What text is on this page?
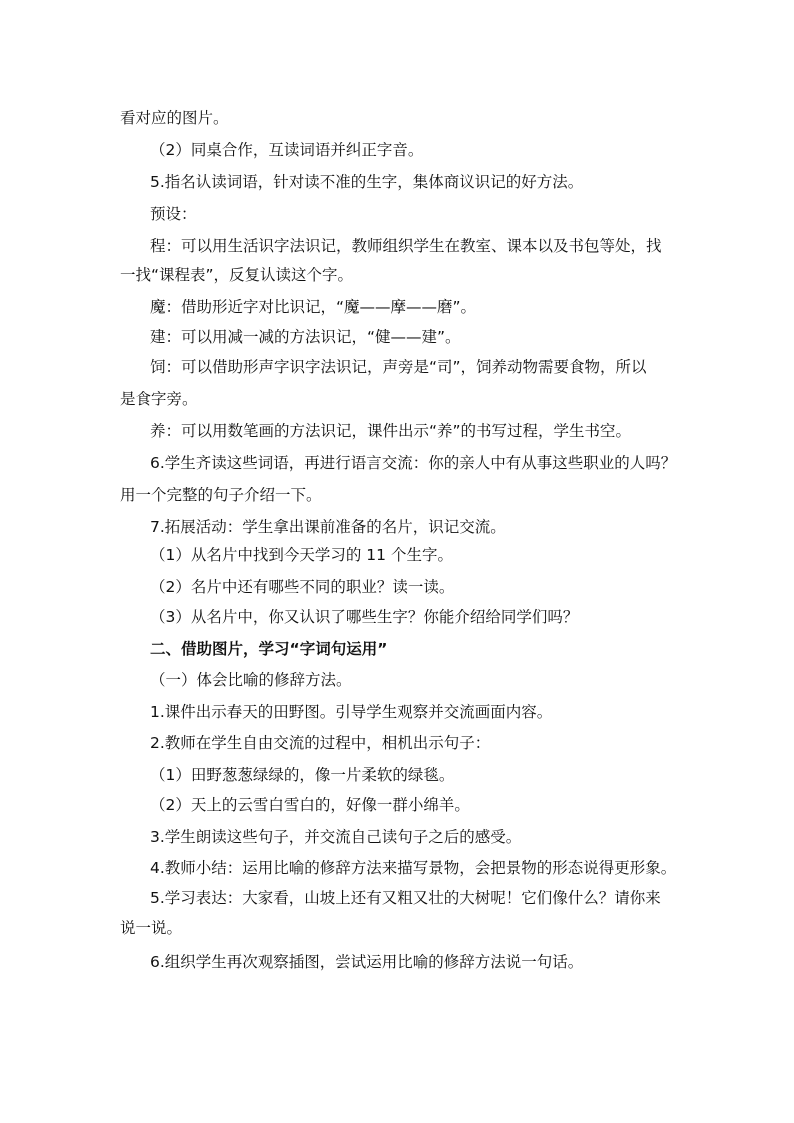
看对应的图片。
（2）同桌合作，互读词语并纠正字音。
5.指名认读词语，针对读不准的生字，集体商议识记的好方法。
预设：
程：可以用生活识字法识记，教师组织学生在教室、课本以及书包等处，找
一找“课程表”，反复认读这个字。
魔：借助形近字对比识记，“魔——摩——磨”。
建：可以用减一减的方法识记，“健——建”。
饲：可以借助形声字识字法识记，声旁是“司”，饲养动物需要食物，所以
是食字旁。
养：可以用数笔画的方法识记，课件出示“养”的书写过程，学生书空。
6.学生齐读这些词语，再进行语言交流：你的亲人中有从事这些职业的人吗？
用一个完整的句子介绍一下。
7.拓展活动：学生拿出课前准备的名片，识记交流。
（1）从名片中找到今天学习的 11 个生字。
（2）名片中还有哪些不同的职业？读一读。
（3）从名片中，你又认识了哪些生字？你能介绍给同学们吗？
二、借助图片，学习“字词句运用”
（一）体会比喻的修辞方法。
1.课件出示春天的田野图。引导学生观察并交流画面内容。
2.教师在学生自由交流的过程中，相机出示句子：
（1）田野葱葱绿绿的，像一片柔软的绿毯。
（2）天上的云雪白雪白的，好像一群小绵羊。
3.学生朗读这些句子，并交流自己读句子之后的感受。
4.教师小结：运用比喻的修辞方法来描写景物，会把景物的形态说得更形象。
5.学习表达：大家看，山坡上还有又粗又壮的大树呢！它们像什么？请你来
说一说。
6.组织学生再次观察插图，尝试运用比喻的修辞方法说一句话。
